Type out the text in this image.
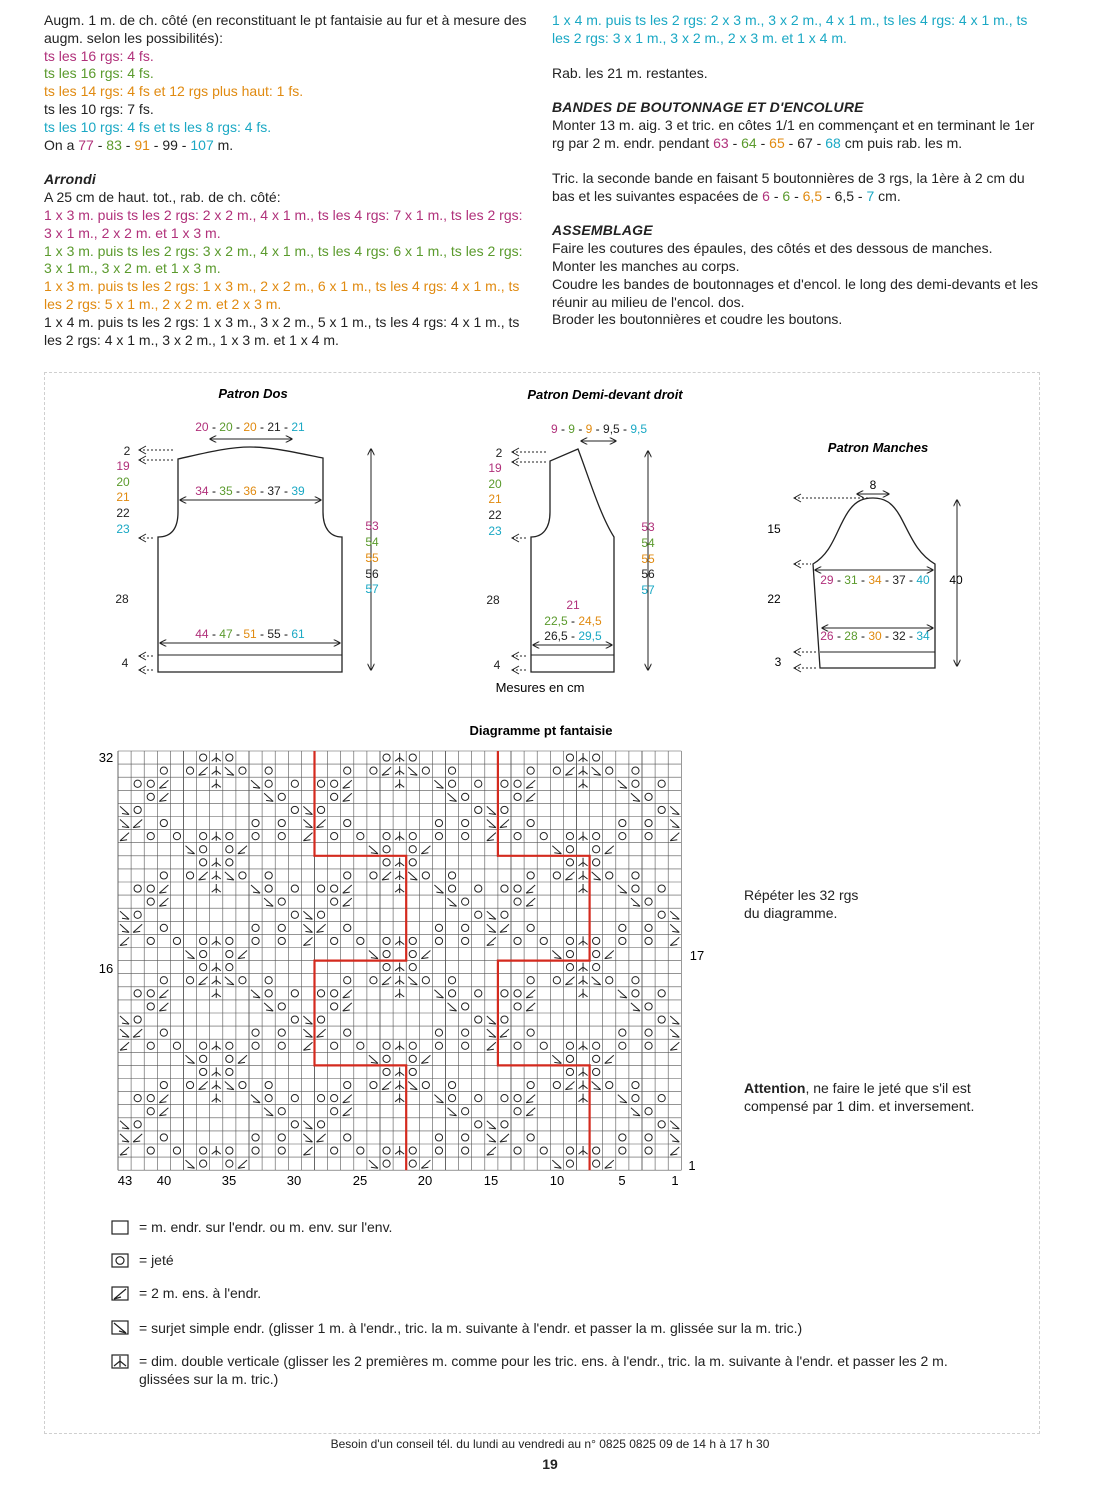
Augm. 1 m. de ch. côté (en reconstituant le pt fantaisie au fur et à mesure des augm. selon les possibilités):

ts les 16 rgs: 4 fs.

ts les 16 rgs: 4 fs.

ts les 14 rgs: 4 fs et 12 rgs plus haut: 1 fs.

ts les 10 rgs: 7 fs.

ts les 10 rgs: 4 fs et ts les 8 rgs: 4 fs.

On a 77 - 83 - 91 - 99 - 107 m.

Arrondi

A 25 cm de haut. tot., rab. de ch. côté:

1 x 3 m. puis ts les 2 rgs: 2 x 2 m., 4 x 1 m., ts les 4 rgs: 7 x 1 m., ts les 2 rgs: 3 x 1 m., 2 x 2 m. et 1 x 3 m.

1 x 3 m. puis ts les 2 rgs: 3 x 2 m., 4 x 1 m., ts les 4 rgs: 6 x 1 m., ts les 2 rgs: 3 x 1 m., 3 x 2 m. et 1 x 3 m.

1 x 3 m. puis ts les 2 rgs: 1 x 3 m., 2 x 2 m., 6 x 1 m., ts les 4 rgs: 4 x 1 m., ts les 2 rgs: 5 x 1 m., 2 x 2 m. et 2 x 3 m.

1 x 4 m. puis ts les 2 rgs: 1 x 3 m., 3 x 2 m., 5 x 1 m., ts les 4 rgs: 4 x 1 m., ts les 2 rgs: 4 x 1 m., 3 x 2 m., 1 x 3 m. et 1 x 4 m.

1 x 4 m. puis ts les 2 rgs: 2 x 3 m., 3 x 2 m., 4 x 1 m., ts les 4 rgs: 4 x 1 m., ts les 2 rgs: 3 x 1 m., 3 x 2 m., 2 x 3 m. et 1 x 4 m.

Rab. les 21 m. restantes.

BANDES DE BOUTONNAGE ET D'ENCOLURE

Monter 13 m. aig. 3 et tric. en côtes 1/1 en commençant et en terminant le 1er rg par 2 m. endr. pendant 63 - 64 - 65 - 67 - 68 cm puis rab. les m.

Tric. la seconde bande en faisant 5 boutonnières de 3 rgs, la 1ère à 2 cm du bas et les suivantes espacées de 6 - 6 - 6,5 - 6,5 - 7 cm.

ASSEMBLAGE

Faire les coutures des épaules, des côtés et des dessous de manches.

Monter les manches au corps.

Coudre les bandes de boutonnages et d'encol. le long des demi-devants et les réunir au milieu de l'encol. dos.

Broder les boutonnières et coudre les boutons.

Patron Dos
20 - 20 - 20 - 21 - 21
34 - 35 - 36 - 37 - 39
44 - 47 - 51 - 55 - 61
53
54
55
56
57
2
19
20
21
22
23
28
4
Patron Demi-devant droit
9 - 9 - 9 - 9,5 - 9,5
53
54
55
56
57
2
19
20
21
22
23
28
4
21
22,5 - 24,5
26,5 - 29,5
Mesures en cm
Patron Manches
8
29 - 31 - 34 - 37 - 40
26 - 28 - 30 - 32 - 34
40
15
22
3
Diagramme pt fantaisie
32
16
17
1
43 40	35	30	25	20	15	10	5	1
Répéter les 32 rgs
du diagramme.
Attention, ne faire le jeté que s'il est compensé par 1 dim. et inversement.
= m. endr. sur l'endr. ou m. env. sur l'env.
= jeté
= 2 m. ens. à l'endr.
= surjet simple endr. (glisser 1 m. à l'endr., tric. la m. suivante à l'endr. et passer la m. glissée sur la m. tric.)
= dim. double verticale (glisser les 2 premières m. comme pour les tric. ens. à l'endr., tric. la m. suivante à l'endr. et passer les 2 m. glissées sur la m. tric.)
Besoin d'un conseil tél. du lundi au vendredi au n° 0825 0825 09 de 14 h à 17 h 30
19
